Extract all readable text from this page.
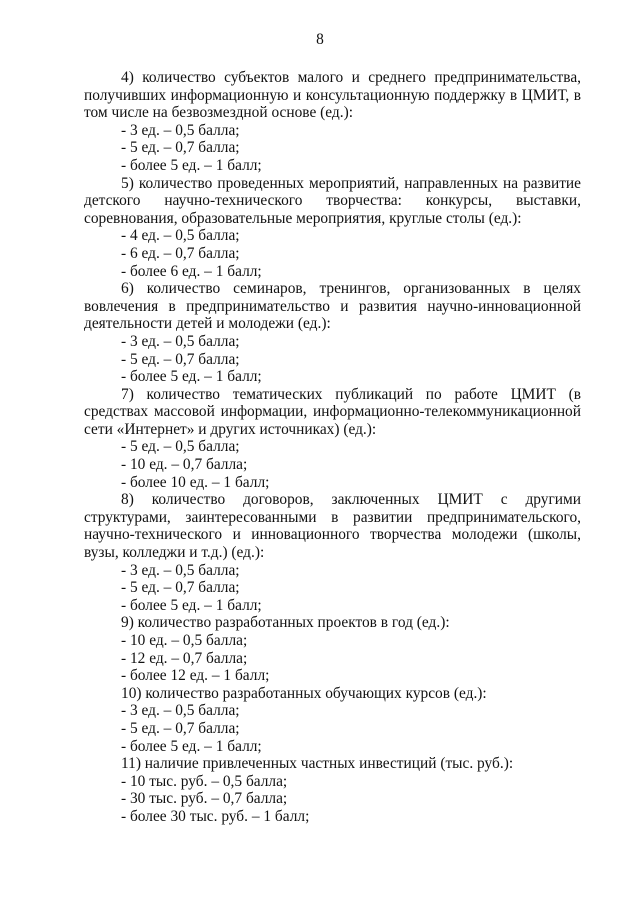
8

4) количество субъектов малого и среднего предпринимательства, получивших информационную и консультационную поддержку в ЦМИТ, в том числе на безвозмездной основе (ед.):

- 3 ед. – 0,5 балла;

- 5 ед. – 0,7 балла;

- более 5 ед. – 1 балл;

5) количество проведенных мероприятий, направленных на развитие детского научно-технического творчества: конкурсы, выставки, соревнования, образовательные мероприятия, круглые столы (ед.):

- 4 ед. – 0,5 балла;

- 6 ед. – 0,7 балла;

- более 6 ед. – 1 балл;

6) количество семинаров, тренингов, организованных в целях вовлечения в предпринимательство и развития научно-инновационной деятельности детей и молодежи (ед.):

- 3 ед. – 0,5 балла;

- 5 ед. – 0,7 балла;

- более 5 ед. – 1 балл;

7) количество тематических публикаций по работе ЦМИТ (в средствах массовой информации, информационно-телекоммуникационной сети «Интернет» и других источниках) (ед.):

- 5 ед. – 0,5 балла;

- 10 ед. – 0,7 балла;

- более 10 ед. – 1 балл;

8) количество договоров, заключенных ЦМИТ с другими структурами, заинтересованными в развитии предпринимательского, научно-технического и инновационного творчества молодежи (школы, вузы, колледжи и т.д.) (ед.):

- 3 ед. – 0,5 балла;

- 5 ед. – 0,7 балла;

- более 5 ед. – 1 балл;

9) количество разработанных проектов в год (ед.):

- 10 ед. – 0,5 балла;

- 12 ед. – 0,7 балла;

- более 12 ед. – 1 балл;

10) количество разработанных обучающих курсов (ед.):

- 3 ед. – 0,5 балла;

- 5 ед. – 0,7 балла;

- более 5 ед. – 1 балл;

11) наличие привлеченных частных инвестиций (тыс. руб.):

- 10 тыс. руб. – 0,5 балла;

- 30 тыс. руб. – 0,7 балла;

- более 30 тыс. руб. – 1 балл;
